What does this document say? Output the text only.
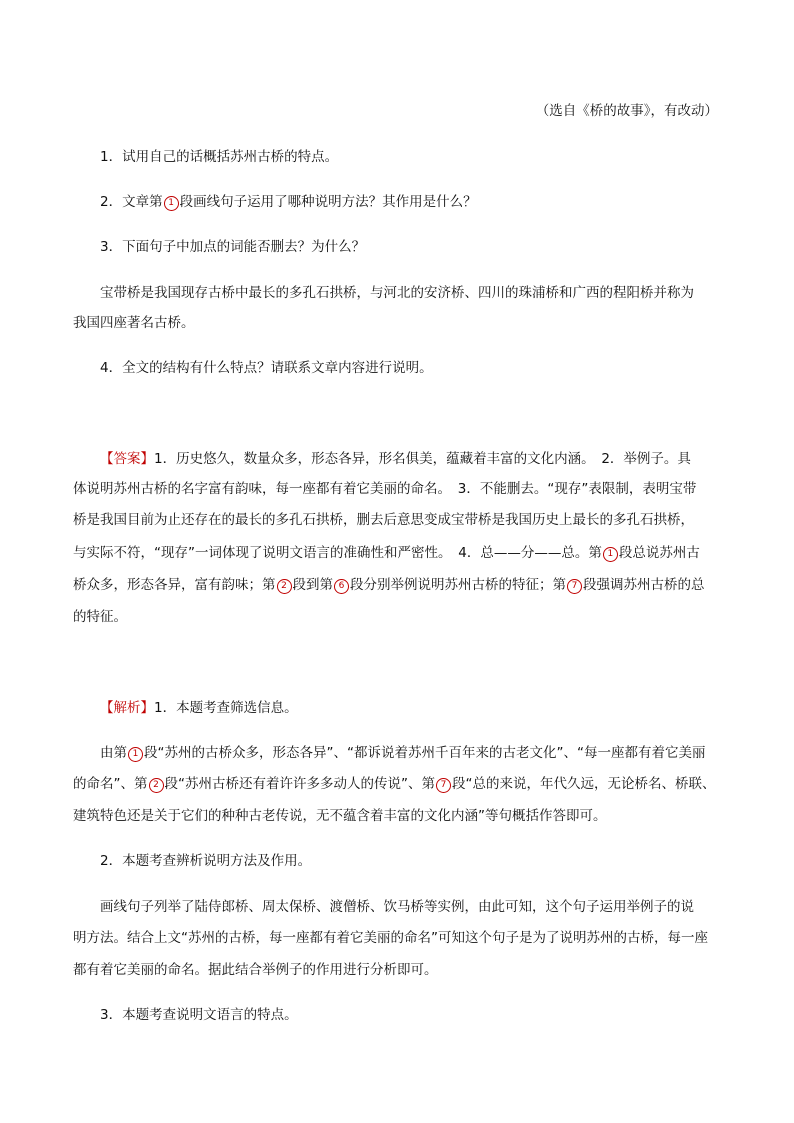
（选自《桥的故事》，有改动）
1．试用自己的话概括苏州古桥的特点。
2．文章第 1 段画线句子运用了哪种说明方法？其作用是什么？
3．下面句子中加点的词能否删去？为什么？
宝带桥是我国现存古桥中最长的多孔石拱桥，与河北的安济桥、四川的珠浦桥和广西的程阳桥并称为
我国四座著名古桥。
4．全文的结构有什么特点？请联系文章内容进行说明。
【答案】1．历史悠久，数量众多，形态各异，形名俱美，蕴藏着丰富的文化内涵。　2．举例子。具
体说明苏州古桥的名字富有韵味，每一座都有着它美丽的命名。　3．不能删去。“现存”表限制，表明宝带
桥是我国目前为止还存在的最长的多孔石拱桥，删去后意思变成宝带桥是我国历史上最长的多孔石拱桥，
与实际不符，“现存”一词体现了说明文语言的准确性和严密性。　4．总——分——总。第 1 段总说苏州古
桥众多，形态各异，富有韵味；第 2 段到第 6 段分别举例说明苏州古桥的特征；第 7 段强调苏州古桥的总
的特征。
【解析】1．本题考查筛选信息。
由第 1 段“苏州的古桥众多，形态各异”、“都诉说着苏州千百年来的古老文化”、“每一座都有着它美丽
的命名”、第 2 段“苏州古桥还有着许许多多动人的传说”、第 7 段“总的来说，年代久远，无论桥名、桥联、
建筑特色还是关于它们的种种古老传说，无不蕴含着丰富的文化内涵”等句概括作答即可。
2．本题考查辨析说明方法及作用。
画线句子列举了陆侍郎桥、周太保桥、渡僧桥、饮马桥等实例，由此可知，这个句子运用举例子的说
明方法。结合上文“苏州的古桥，每一座都有着它美丽的命名”可知这个句子是为了说明苏州的古桥，每一座
都有着它美丽的命名。据此结合举例子的作用进行分析即可。
3．本题考查说明文语言的特点。
